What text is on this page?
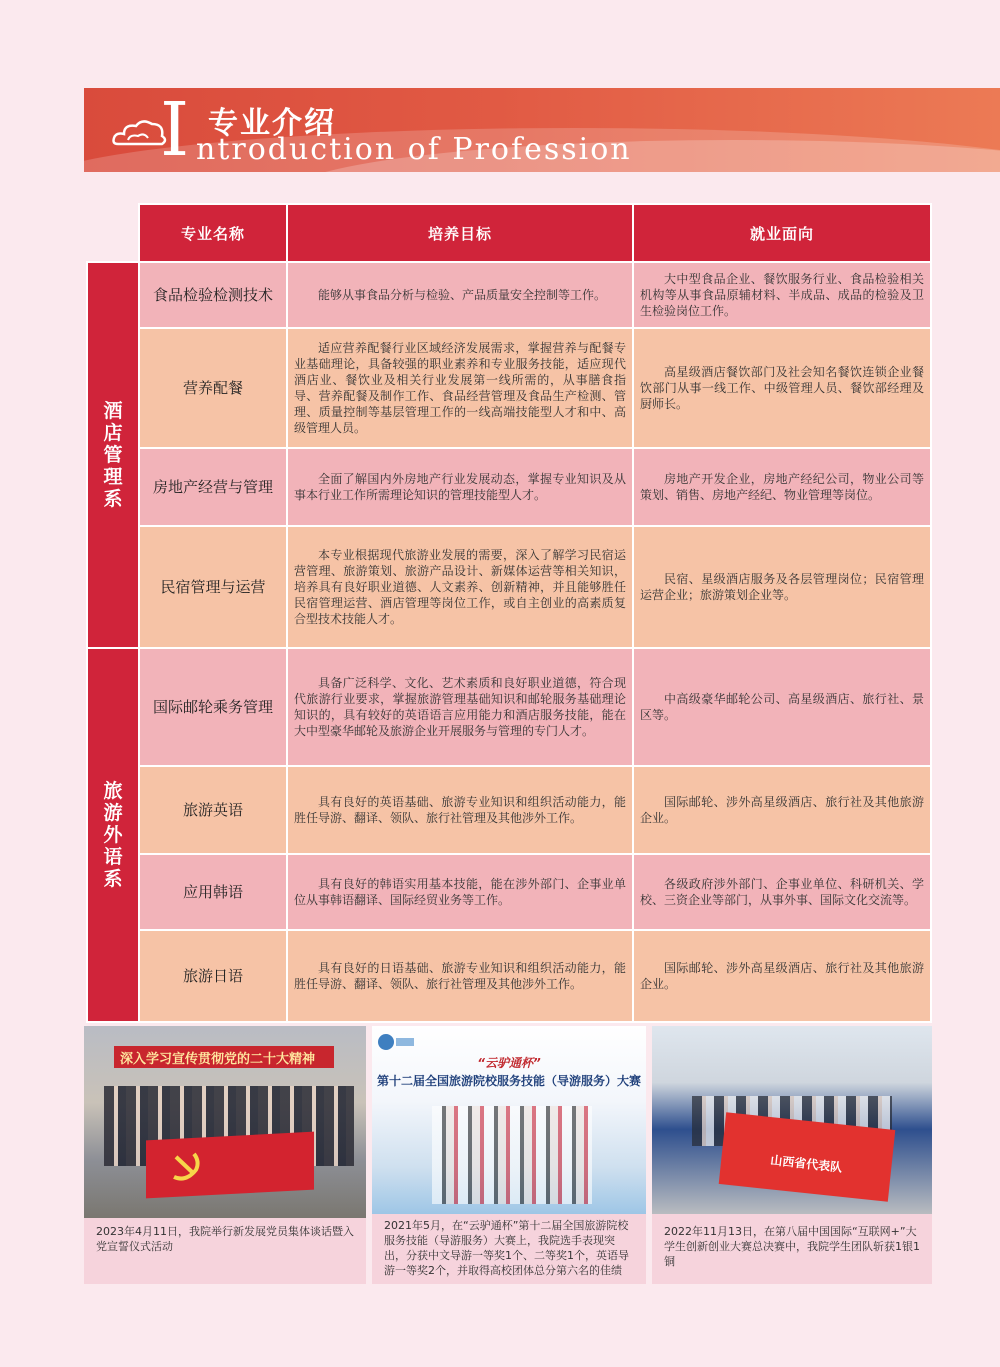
I 专业介绍
ntroduction of Profession
	专业名称	培养目标	就业面向
酒店管理系	食品检验检测技术	能够从事食品分析与检验、产品质量安全控制等工作。	大中型食品企业、餐饮服务行业、食品检验相关机构等从事食品原辅材料、半成品、成品的检验及卫生检验岗位工作。
	营养配餐	适应营养配餐行业区域经济发展需求，掌握营养与配餐专业基础理论，具备较强的职业素养和专业服务技能，适应现代酒店业、餐饮业及相关行业发展第一线所需的，从事膳食指导、营养配餐及制作工作、食品经营管理及食品生产检测、管理、质量控制等基层管理工作的一线高端技能型人才和中、高级管理人员。	高星级酒店餐饮部门及社会知名餐饮连锁企业餐饮部门从事一线工作、中级管理人员、餐饮部经理及厨师长。
	房地产经营与管理	全面了解国内外房地产行业发展动态，掌握专业知识及从事本行业工作所需理论知识的管理技能型人才。	房地产开发企业，房地产经纪公司，物业公司等策划、销售、房地产经纪、物业管理等岗位。
	民宿管理与运营	本专业根据现代旅游业发展的需要，深入了解学习民宿运营管理、旅游策划、旅游产品设计、新媒体运营等相关知识，培养具有良好职业道德、人文素养、创新精神，并且能够胜任民宿管理运营、酒店管理等岗位工作，或自主创业的高素质复合型技术技能人才。	民宿、星级酒店服务及各层管理岗位；民宿管理运营企业；旅游策划企业等。
旅游外语系	国际邮轮乘务管理	具备广泛科学、文化、艺术素质和良好职业道德，符合现代旅游行业要求，掌握旅游管理基础知识和邮轮服务基础理论知识的，具有较好的英语语言应用能力和酒店服务技能，能在大中型豪华邮轮及旅游企业开展服务与管理的专门人才。	中高级豪华邮轮公司、高星级酒店、旅行社、景区等。
	旅游英语	具有良好的英语基础、旅游专业知识和组织活动能力，能胜任导游、翻译、领队、旅行社管理及其他涉外工作。	国际邮轮、涉外高星级酒店、旅行社及其他旅游企业。
	应用韩语	具有良好的韩语实用基本技能，能在涉外部门、企事业单位从事韩语翻译、国际经贸业务等工作。	各级政府涉外部门、企事业单位、科研机关、学校、三资企业等部门，从事外事、国际文化交流等。
	旅游日语	具有良好的日语基础、旅游专业知识和组织活动能力，能胜任导游、翻译、领队、旅行社管理及其他涉外工作。	国际邮轮、涉外高星级酒店、旅行社及其他旅游企业。
深入学习宣传贯彻党的二十大精神
2023年4月11日，我院举行新发展党员集体谈话暨入党宣誓仪式活动
“云驴通杯”
第十二届全国旅游院校服务技能（导游服务）大赛
2021年5月，在“云驴通杯”第十二届全国旅游院校服务技能（导游服务）大赛上，我院选手表现突出，分获中文导游一等奖1个、二等奖1个，英语导游一等奖2个，并取得高校团体总分第六名的佳绩
山西省代表队
2022年11月13日，在第八届中国国际“互联网+”大学生创新创业大赛总决赛中，我院学生团队斩获1银1铜
